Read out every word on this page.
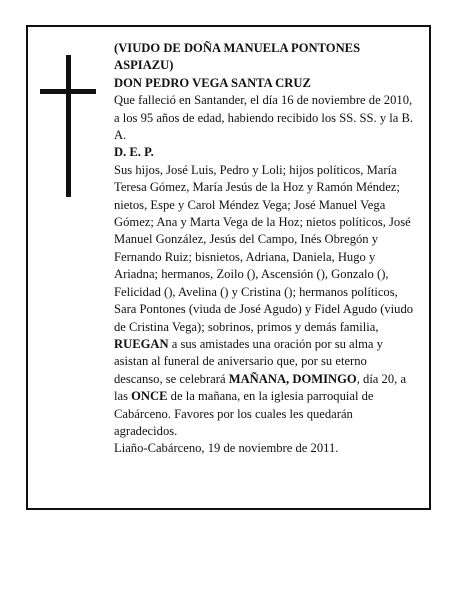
(VIUDO DE DOÑA MANUELA PONTONES ASPIAZU)

DON PEDRO VEGA SANTA CRUZ

Que falleció en Santander, el día 16 de noviembre de 2010, a los 95 años de edad, habiendo recibido los SS. SS. y la B. A.

D. E. P.

Sus hijos, José Luis, Pedro y Loli; hijos políticos, María Teresa Gómez, María Jesús de la Hoz y Ramón Méndez; nietos, Espe y Carol Méndez Vega; José Manuel Vega Gómez; Ana y Marta Vega de la Hoz; nietos políticos, José Manuel González, Jesús del Campo, Inés Obregón y Fernando Ruiz; bisnietos, Adriana, Daniela, Hugo y Ariadna; hermanos, Zoilo (), Ascensión (), Gonzalo (), Felicidad (), Avelina () y Cristina (); hermanos políticos, Sara Pontones (viuda de José Agudo) y Fidel Agudo (viudo de Cristina Vega); sobrinos, primos y demás familia,

RUEGAN a sus amistades una oración por su alma y asistan al funeral de aniversario que, por su eterno descanso, se celebrará MAÑANA, DOMINGO, día 20, a las ONCE de la mañana, en la iglesia parroquial de Cabárceno. Favores por los cuales les quedarán agradecidos.

Liaño-Cabárceno, 19 de noviembre de 2011.
